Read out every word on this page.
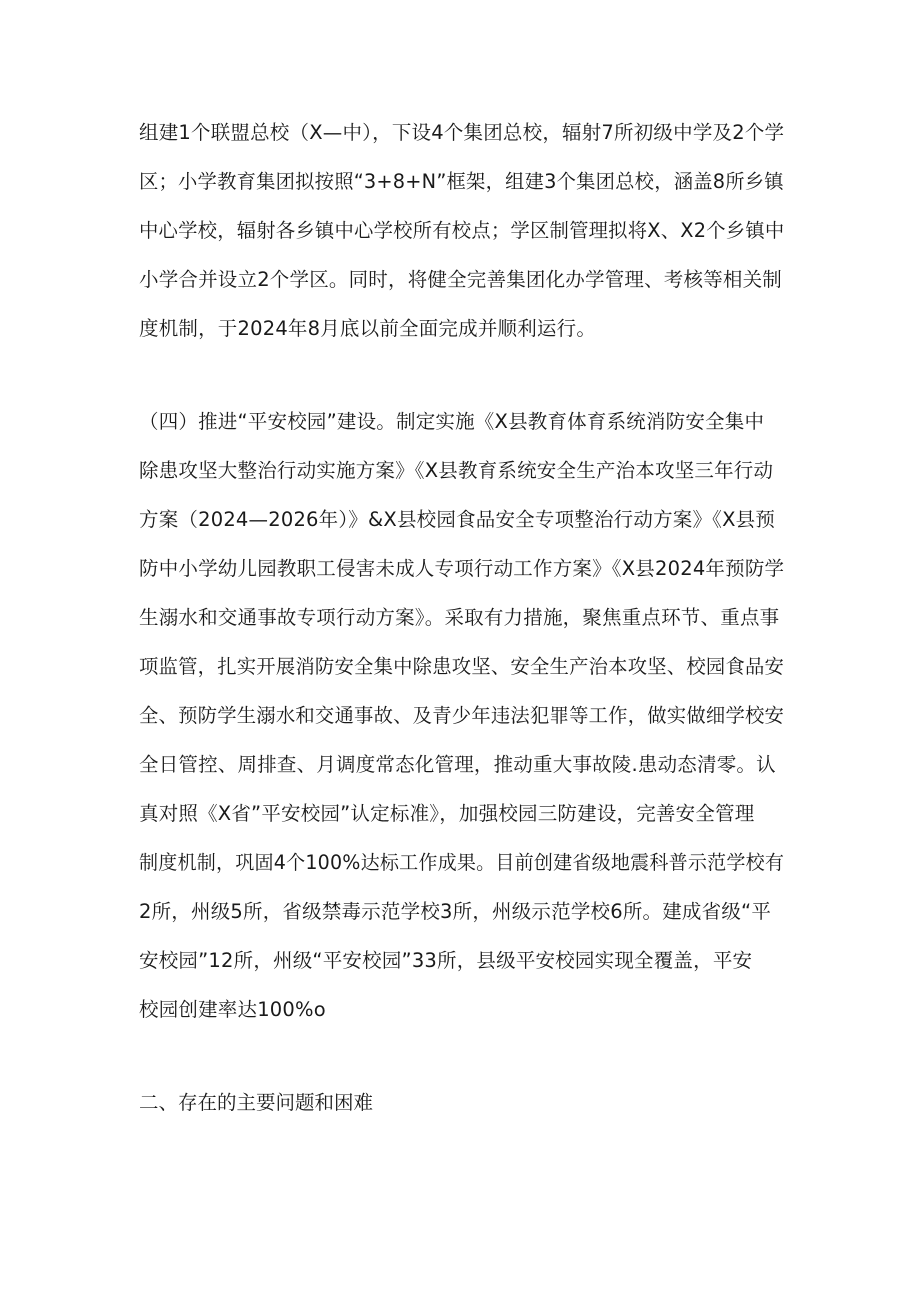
组建1个联盟总校（X—中），下设4个集团总校，辐射7所初级中学及2个学
区；小学教育集团拟按照“3+8+N”框架，组建3个集团总校，涵盖8所乡镇
中心学校，辐射各乡镇中心学校所有校点；学区制管理拟将X、X2个乡镇中
小学合并设立2个学区。同时，将健全完善集团化办学管理、考核等相关制
度机制，于2024年8月底以前全面完成并顺利运行。
（四）推进“平安校园”建设。制定实施《X县教育体育系统消防安全集中
除患攻坚大整治行动实施方案》《X县教育系统安全生产治本攻坚三年行动
方案（2024—2026年）》&X县校园食品安全专项整治行动方案》《X县预
防中小学幼儿园教职工侵害未成人专项行动工作方案》《X县2024年预防学
生溺水和交通事故专项行动方案》。采取有力措施，聚焦重点环节、重点事
项监管，扎实开展消防安全集中除患攻坚、安全生产治本攻坚、校园食品安
全、预防学生溺水和交通事故、及青少年违法犯罪等工作，做实做细学校安
全日管控、周排查、月调度常态化管理，推动重大事故陵.患动态清零。认
真对照《X省”平安校园”认定标准》，加强校园三防建设，完善安全管理
制度机制，巩固4个100%达标工作成果。目前创建省级地震科普示范学校有
2所，州级5所，省级禁毒示范学校3所，州级示范学校6所。建成省级“平
安校园”12所，州级“平安校园”33所，县级平安校园实现全覆盖，平安
校园创建率达100%o
二、存在的主要问题和困难
